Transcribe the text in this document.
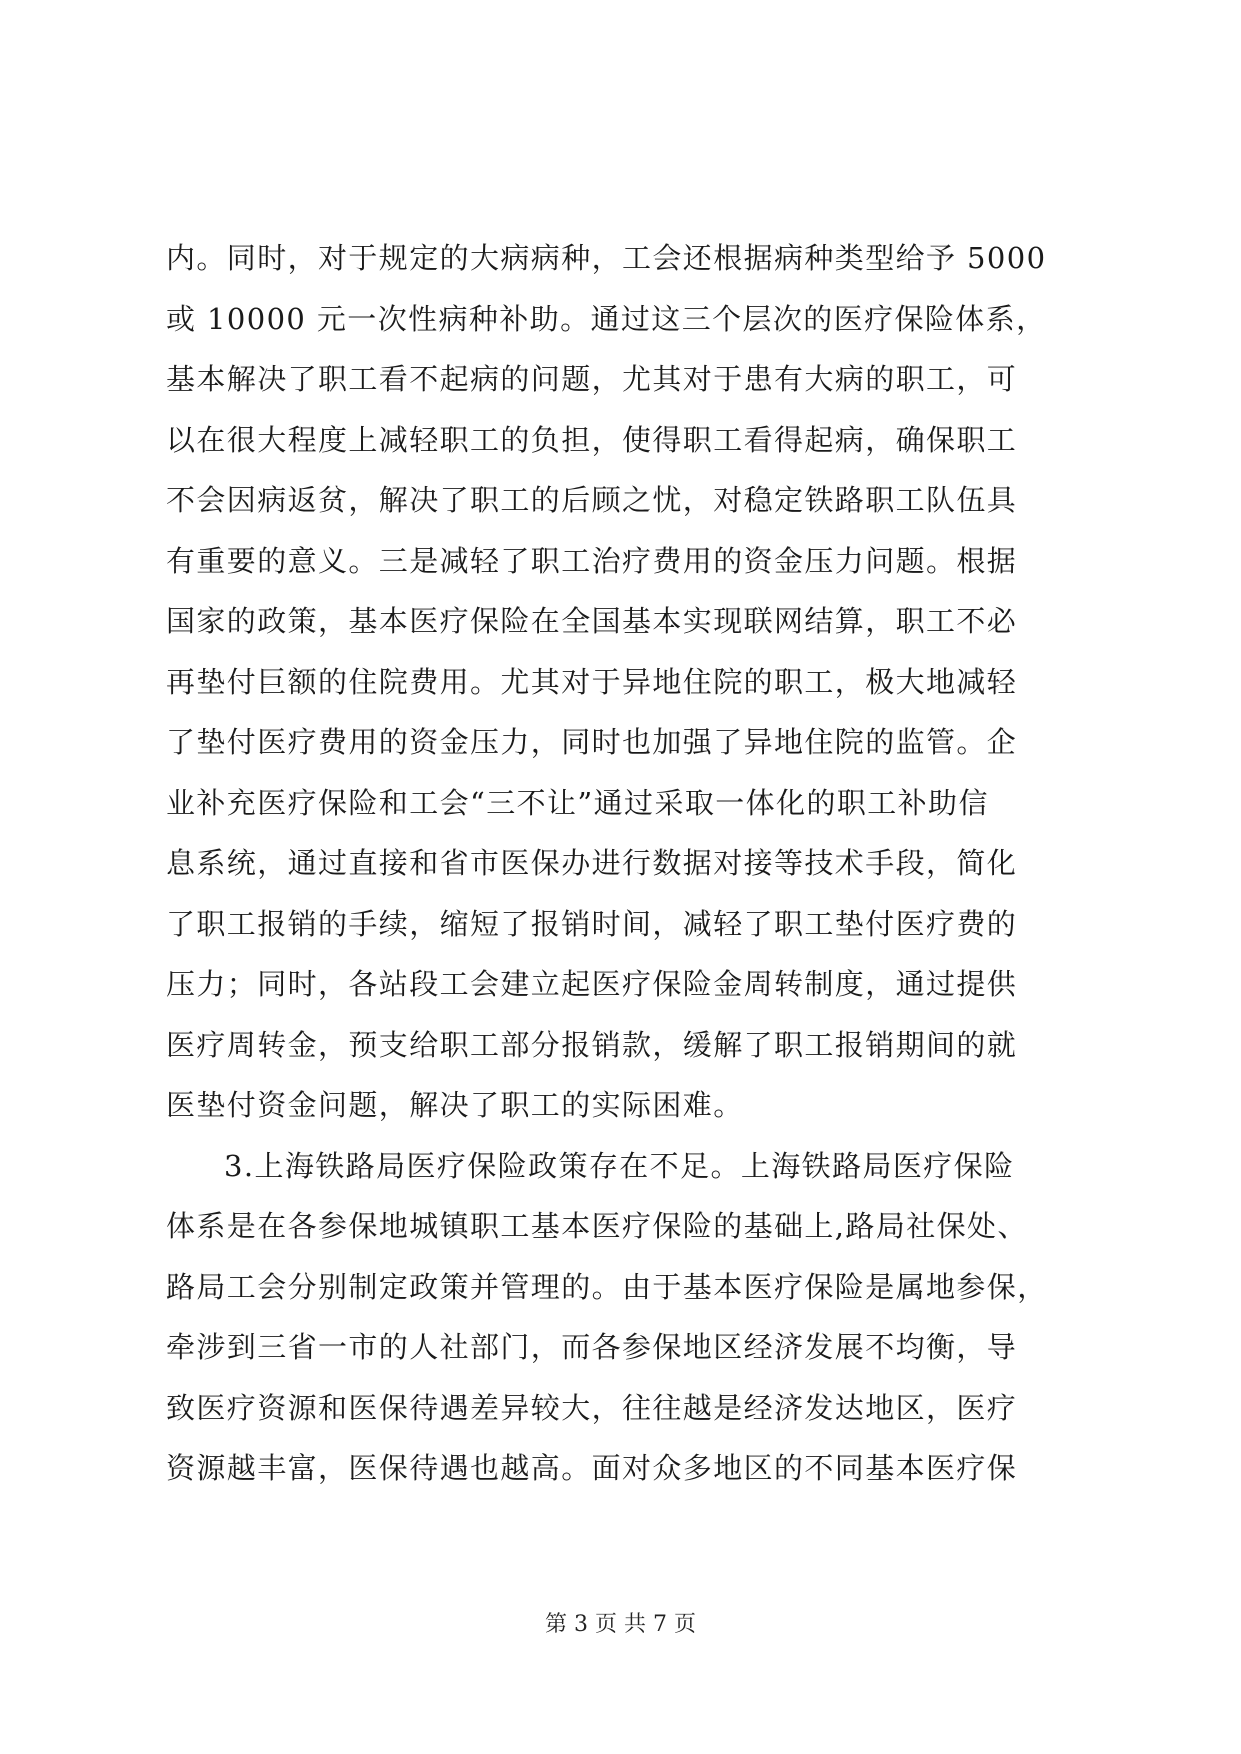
内。同时，对于规定的大病病种，工会还根据病种类型给予 5000
或 10000 元一次性病种补助。通过这三个层次的医疗保险体系，
基本解决了职工看不起病的问题，尤其对于患有大病的职工，可
以在很大程度上减轻职工的负担，使得职工看得起病，确保职工
不会因病返贫，解决了职工的后顾之忧，对稳定铁路职工队伍具
有重要的意义。三是减轻了职工治疗费用的资金压力问题。根据
国家的政策，基本医疗保险在全国基本实现联网结算，职工不必
再垫付巨额的住院费用。尤其对于异地住院的职工，极大地减轻
了垫付医疗费用的资金压力，同时也加强了异地住院的监管。企
业补充医疗保险和工会“三不让”通过采取一体化的职工补助信
息系统，通过直接和省市医保办进行数据对接等技术手段，简化
了职工报销的手续，缩短了报销时间，减轻了职工垫付医疗费的
压力；同时，各站段工会建立起医疗保险金周转制度，通过提供
医疗周转金，预支给职工部分报销款，缓解了职工报销期间的就
医垫付资金问题，解决了职工的实际困难。
3.上海铁路局医疗保险政策存在不足。上海铁路局医疗保险
体系是在各参保地城镇职工基本医疗保险的基础上,路局社保处、
路局工会分别制定政策并管理的。由于基本医疗保险是属地参保，
牵涉到三省一市的人社部门，而各参保地区经济发展不均衡，导
致医疗资源和医保待遇差异较大，往往越是经济发达地区，医疗
资源越丰富，医保待遇也越高。面对众多地区的不同基本医疗保
第 3 页 共 7 页
